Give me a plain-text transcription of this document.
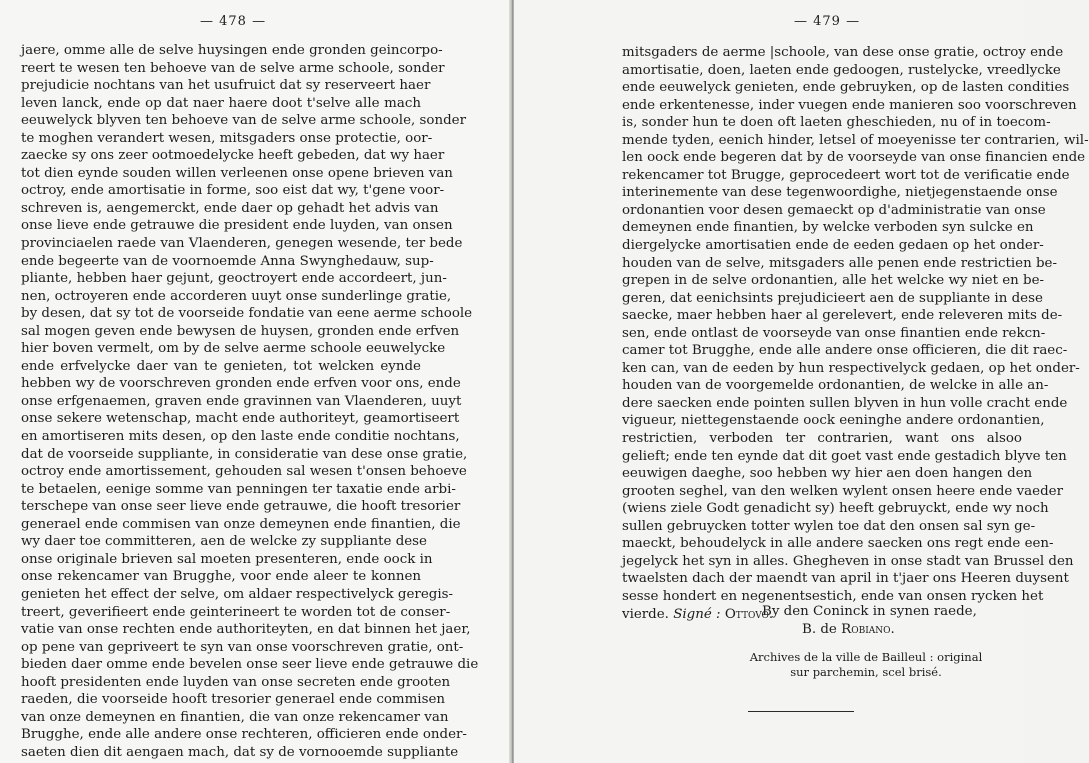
— 478 —
jaere, omme alle de selve huysingen ende gronden geincorpo-
reert te wesen ten behoeve van de selve arme schoole, sonder
prejudicie nochtans van het usufruict dat sy reserveert haer
leven lanck, ende op dat naer haere doot t'selve alle mach
eeuwelyck blyven ten behoeve van de selve arme schoole, sonder
te moghen verandert wesen, mitsgaders onse protectie, oor-
zaecke sy ons zeer ootmoedelycke heeft gebeden, dat wy haer
tot dien eynde souden willen verleenen onse opene brieven van
octroy, ende amortisatie in forme, soo eist dat wy, t'gene voor-
schreven is, aengemerckt, ende daer op gehadt het advis van
onse lieve ende getrauwe die president ende luyden, van onsen
provinciaelen raede van Vlaenderen, genegen wesende, ter bede
ende begeerte van de voornoemde Anna Swynghedauw, sup-
pliante, hebben haer gejunt, geoctroyert ende accordeert, jun-
nen, octroyeren ende accorderen uuyt onse sunderlinge gratie,
by desen, dat sy tot de voorseide fondatie van eene aerme schoole
sal mogen geven ende bewysen de huysen, gronden ende erfven
hier boven vermelt, om by de selve aerme schoole eeuwelycke
ende erfvelycke daer van te genieten, tot welcken eynde
hebben wy de voorschreven gronden ende erfven voor ons, ende
onse erfgenaemen, graven ende gravinnen van Vlaenderen, uuyt
onse sekere wetenschap, macht ende authoriteyt, geamortiseert
en amortiseren mits desen, op den laste ende conditie nochtans,
dat de voorseide suppliante, in consideratie van dese onse gratie,
octroy ende amortissement, gehouden sal wesen t'onsen behoeve
te betaelen, eenige somme van penningen ter taxatie ende arbi-
terschepe van onse seer lieve ende getrauwe, die hooft tresorier
generael ende commisen van onze demeynen ende finantien, die
wy daer toe committeren, aen de welcke zy suppliante dese
onse originale brieven sal moeten presenteren, ende oock in
onse rekencamer van Brugghe, voor ende aleer te konnen
genieten het effect der selve, om aldaer respectivelyck geregis-
treert, geverifieert ende geinterineert te worden tot de conser-
vatie van onse rechten ende authoriteyten, en dat binnen het jaer,
op pene van gepriveert te syn van onse voorschreven gratie, ont-
bieden daer omme ende bevelen onse seer lieve ende getrauwe die
hooft presidenten ende luyden van onse secreten ende grooten
raeden, die voorseide hooft tresorier generael ende commisen
van onze demeynen en finantien, die van onze rekencamer van
Brugghe, ende alle andere onse rechteren, officieren ende onder-
saeten dien dit aengaen mach, dat sy de vornooemde suppliante
— 479 —
mitsgaders de aerme |schoole, van dese onse gratie, octroy ende
amortisatie, doen, laeten ende gedoogen, rustelycke, vreedlycke
ende eeuwelyck genieten, ende gebruyken, op de lasten condities
ende erkentenesse, inder vuegen ende manieren soo voorschreven
is, sonder hun te doen oft laeten gheschieden, nu of in toecom-
mende tyden, eenich hinder, letsel of moeyenisse ter contrarien, wil-
len oock ende begeren dat by de voorseyde van onse financien ende
rekencamer tot Brugge, geprocedeert wort tot de verificatie ende
interinemente van dese tegenwoordighe, nietjegenstaende onse
ordonantien voor desen gemaeckt op d'administratie van onse
demeynen ende finantien, by welcke verboden syn sulcke en
diergelycke amortisatien ende de eeden gedaen op het onder-
houden van de selve, mitsgaders alle penen ende restrictien be-
grepen in de selve ordonantien, alle het welcke wy niet en be-
geren, dat eenichsints prejudicieert aen de suppliante in dese
saecke, maer hebben haer al gerelevert, ende releveren mits de-
sen, ende ontlast de voorseyde van onse finantien ende rekcn-
camer tot Brugghe, ende alle andere onse officieren, die dit raec-
ken can, van de eeden by hun respectivelyck gedaen, op het onder-
houden van de voorgemelde ordonantien, de welcke in alle an-
dere saecken ende pointen sullen blyven in hun volle cracht ende
vigueur, niettegenstaende oock eeninghe andere ordonantien,
restrictien, verboden ter contrarien, want ons alsoo
gelieft; ende ten eynde dat dit goet vast ende gestadich blyve ten
eeuwigen daeghe, soo hebben wy hier aen doen hangen den
grooten seghel, van den welken wylent onsen heere ende vaeder
(wiens ziele Godt genadicht sy) heeft gebruyckt, ende wy noch
sullen gebruycken totter wylen toe dat den onsen sal syn ge-
maeckt, behoudelyck in alle andere saecken ons regt ende een-
jegelyck het syn in alles. Ghegheven in onse stadt van Brussel den
twaelsten dach der maendt van april in t'jaer ons Heeren duysent
sesse hondert en negenentsestich, ende van onsen rycken het
vierde. Signé : Ottovo.
By den Coninck in synen raede,
B. de Robiano.
Archives de la ville de Bailleul : original
sur parchemin, scel brisé.
